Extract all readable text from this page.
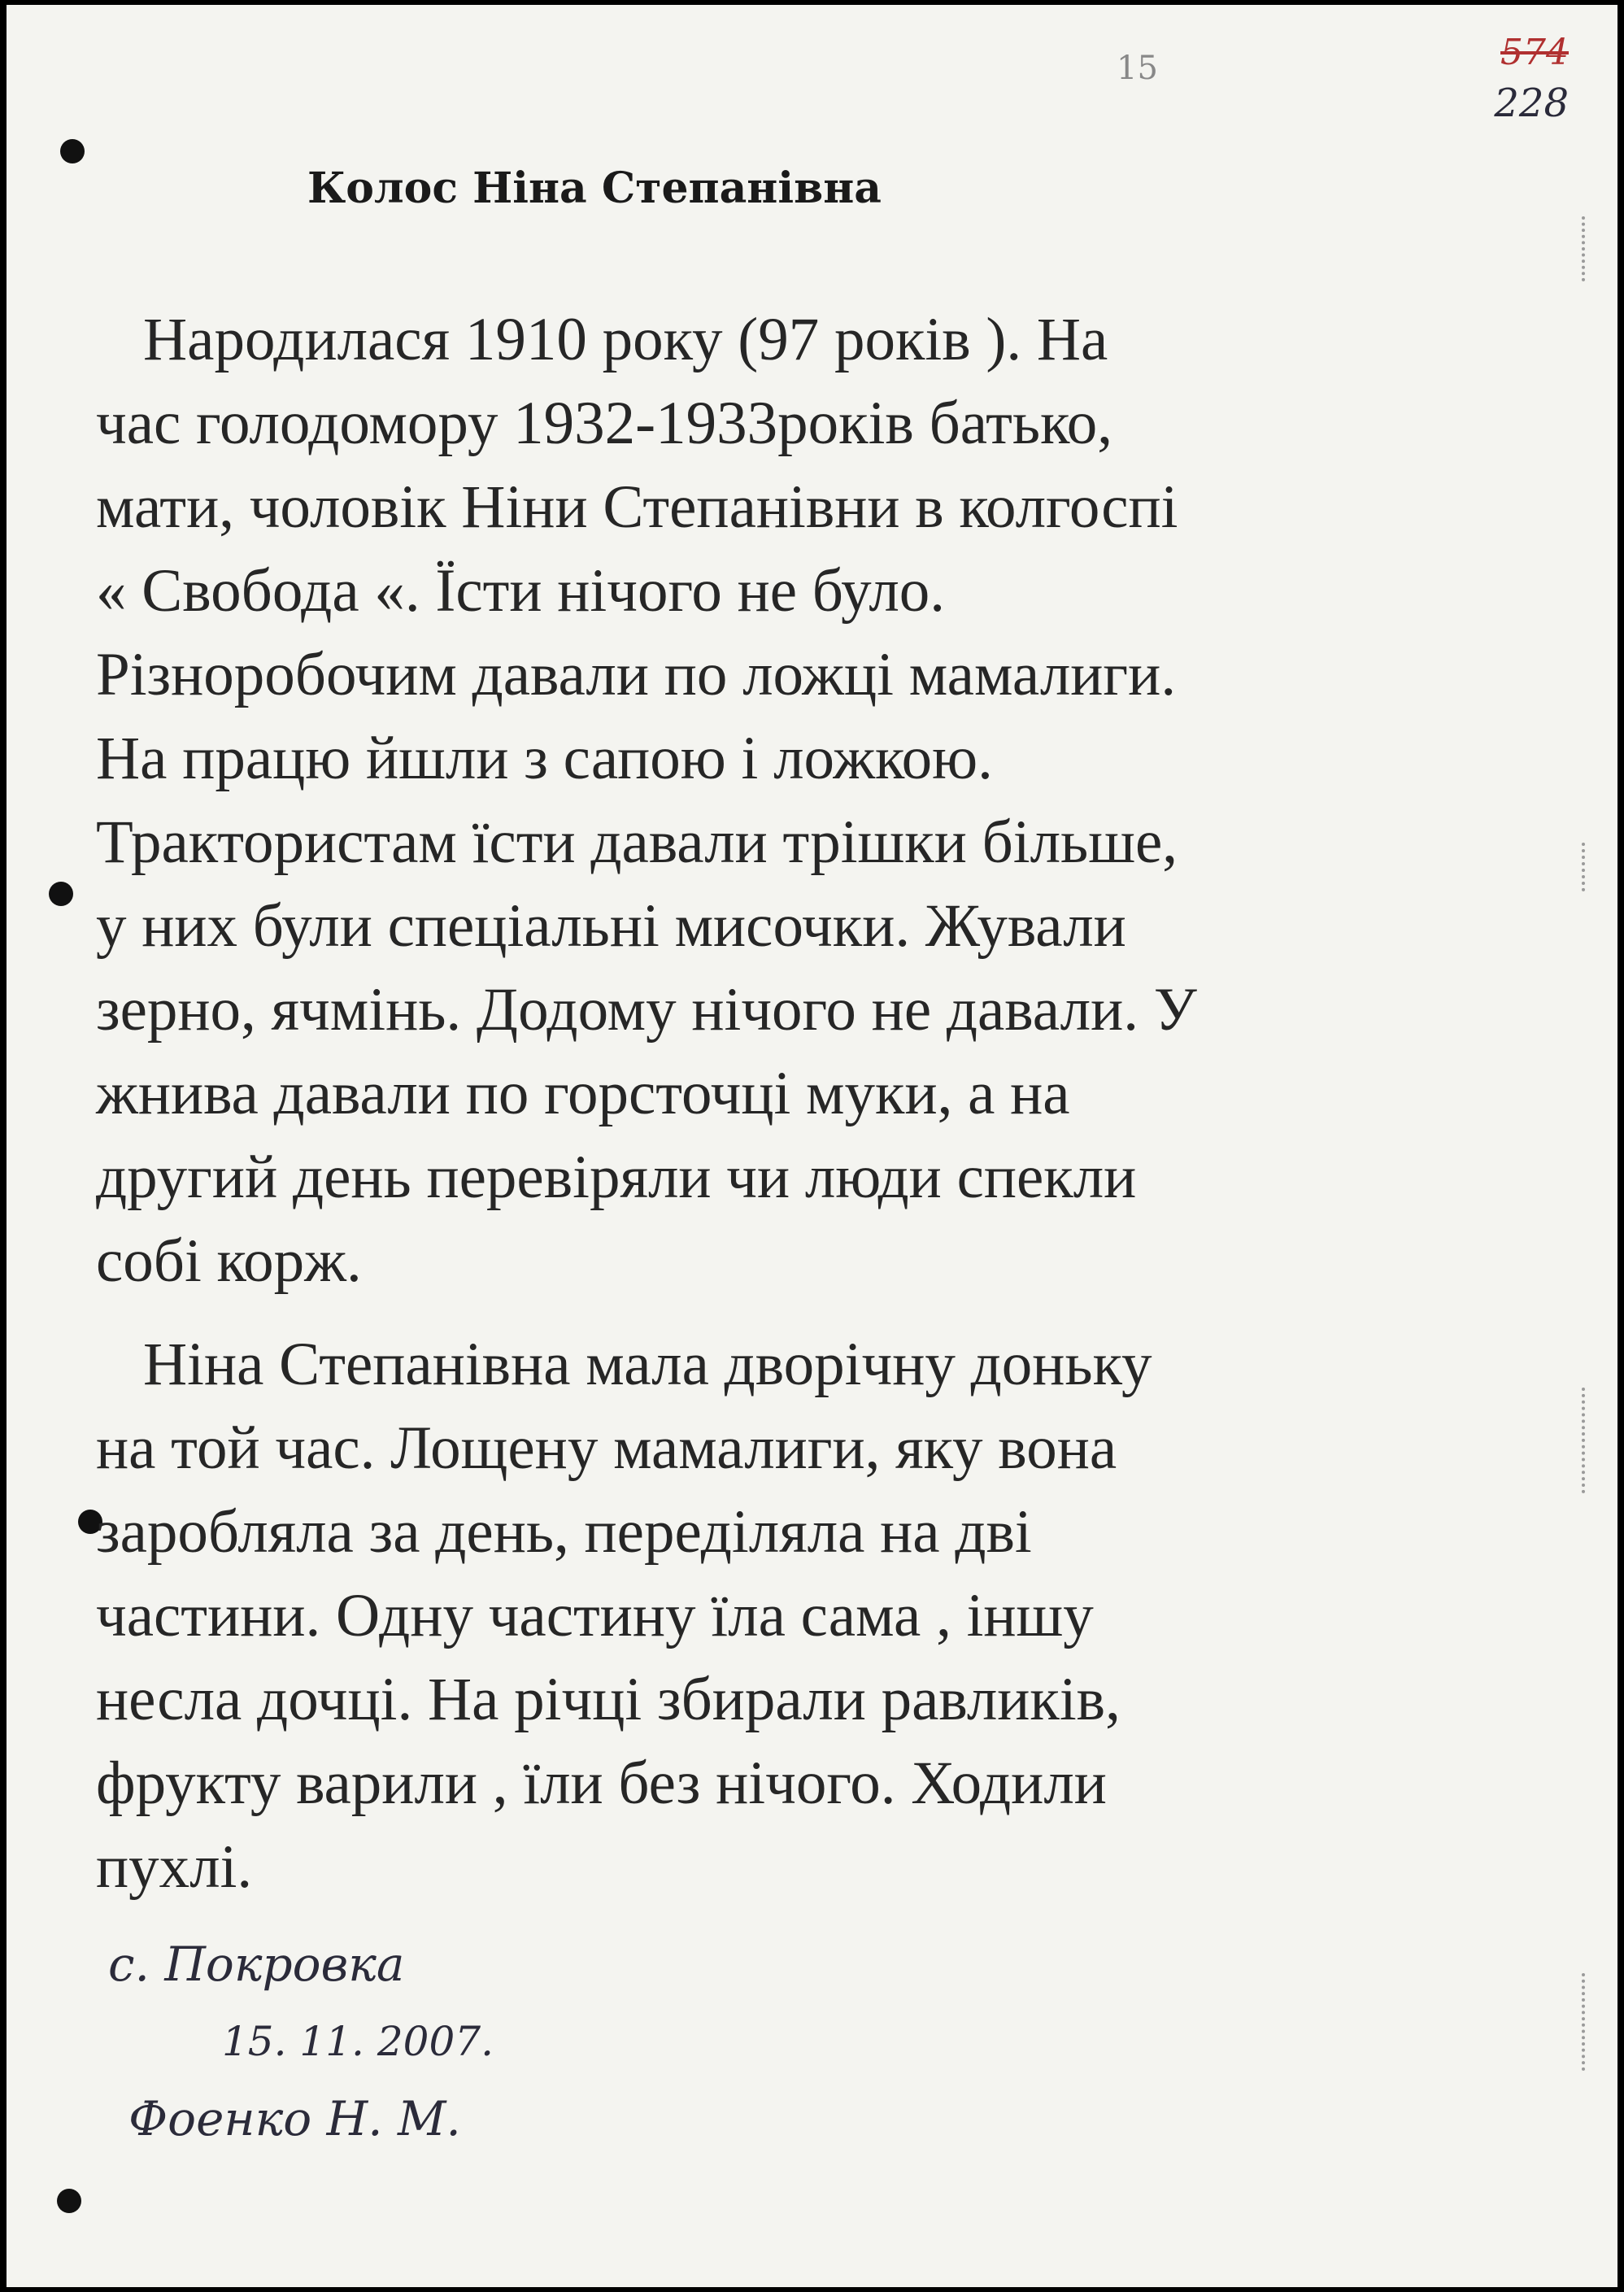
15	574
228
Колос Ніна Степанівна
Народилася 1910 року (97 років ). На
час голодомору 1932-1933років батько,
мати, чоловік Ніни Степанівни в колгоспі
« Свобода «. Їсти нічого не було.
Різноробочим давали по ложці мамалиги.
На працю йшли з сапою і ложкою.
Трактористам їсти давали трішки більше,
у них були спеціальні мисочки. Жували
зерно, ячмінь. Додому нічого не давали. У
жнива давали по горсточці муки, а на
другий день перевіряли чи люди спекли
собі корж.
Ніна Степанівна мала дворічну доньку
на той час. Лощену мамалиги, яку вона
заробляла за день, переділяла на дві
частини. Одну частину їла сама , іншу
несла дочці. На річці збирали равликів,
фрукту варили , їли без нічого. Ходили
пухлі.
с. Покровка
15. 11. 2007.
Фоенко Н. М.
